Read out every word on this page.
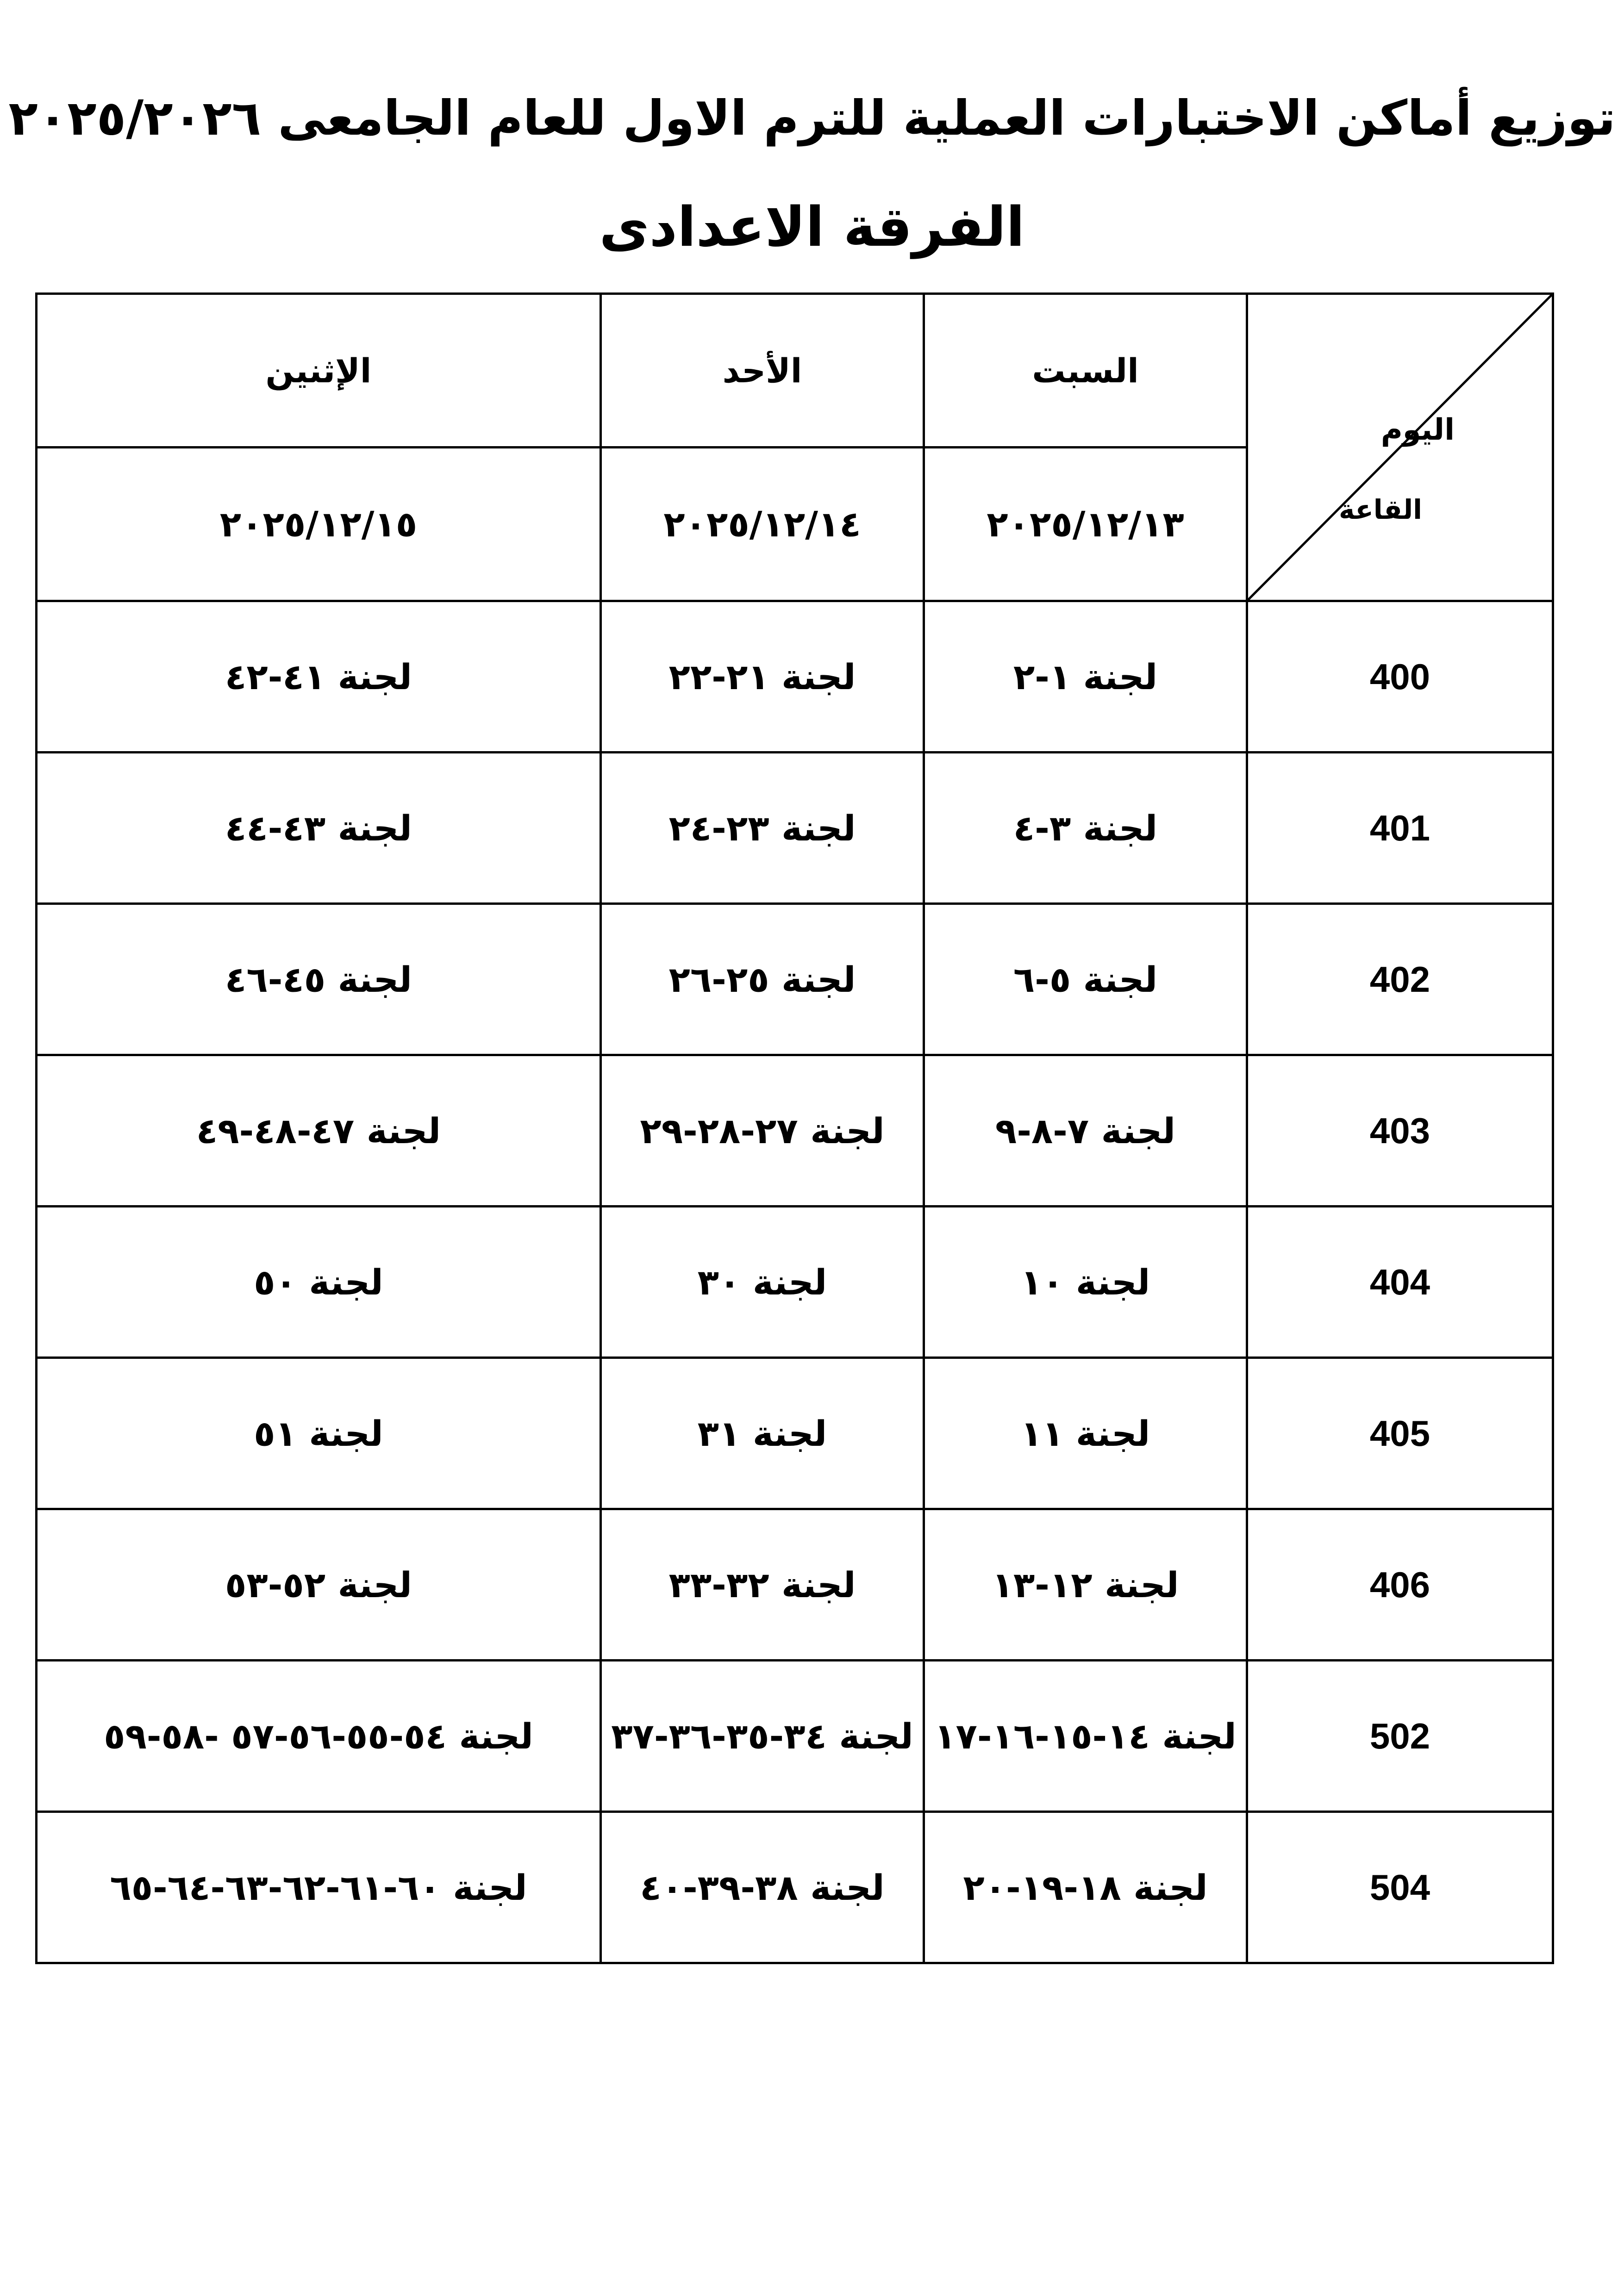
توزيع أماكن الاختبارات العملية للترم الاول للعام الجامعى ٢٠٢٥/٢٠٢٦
الفرقة الاعدادى
الإثنين	الأحد	السبت	اليوم
القاعة

٢٠٢٥/١٢/١٥	٢٠٢٥/١٢/١٤	٢٠٢٥/١٢/١٣	
لجنة ٤١-٤٢	لجنة ٢١-٢٢	لجنة ١-٢	400
لجنة ٤٣-٤٤	لجنة ٢٣-٢٤	لجنة ٣-٤	401
لجنة ٤٥-٤٦	لجنة ٢٥-٢٦	لجنة ٥-٦	402
لجنة ٤٧-٤٨-٤٩	لجنة ٢٧-٢٨-٢٩	لجنة ٧-٨-٩	403
لجنة ٥٠	لجنة ٣٠	لجنة ١٠	404
لجنة ٥١	لجنة ٣١	لجنة ١١	405
لجنة ٥٢-٥٣	لجنة ٣٢-٣٣	لجنة ١٢-١٣	406
لجنة ٥٤-٥٥-٥٦-٥٧ -٥٨-٥٩	لجنة ٣٤-٣٥-٣٦-٣٧	لجنة ١٤-١٥-١٦-١٧	502
لجنة ٦٠-٦١-٦٢-٦٣-٦٤-٦٥	لجنة ٣٨-٣٩-٤٠	لجنة ١٨-١٩-٢٠	504
